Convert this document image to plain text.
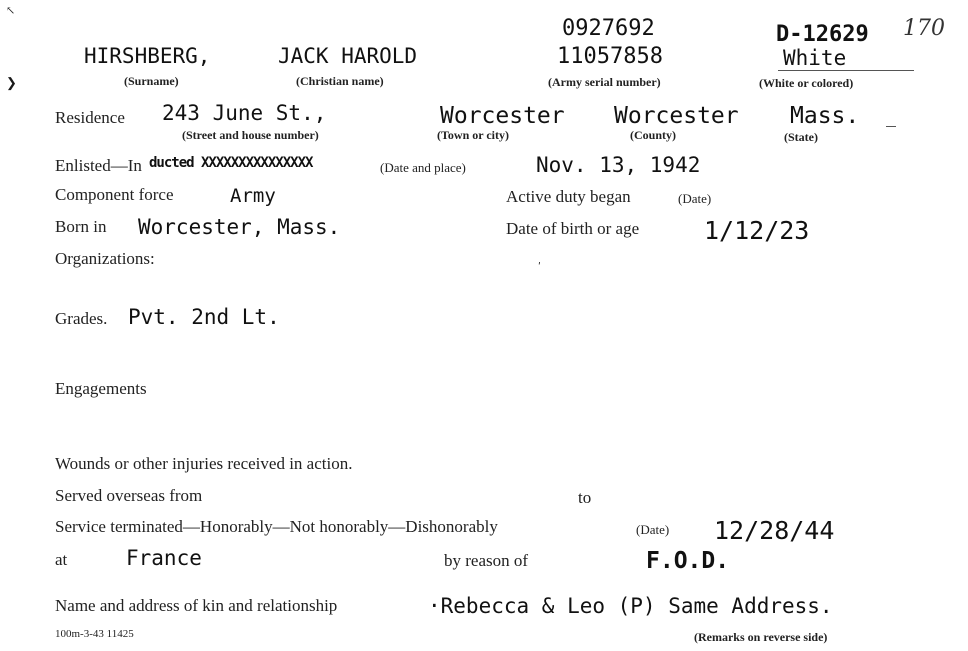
↖
❯
0927692	D-12629 170
HIRSHBERG,	JACK HAROLD	11057858	White
(Surname)	(Christian name)	(Army serial number)	(White or colored)
Residence 243 June St.,	Worcester Worcester Mass.
(Street and house number)	(Town or city)	(County)	(State)
Enlisted—In ducted XXXXXXXXXXXXXXX	(Date and place)	Nov. 13, 1942
Component force	Army	Active duty began	(Date)
Born in Worcester, Mass.	Date of birth or age	1/12/23
Organizations:	ʹ
Grades. Pvt. 2nd Lt.
Engagements
Wounds or other injuries received in action.
Served overseas from	to
Service terminated—Honorably—Not honorably—Dishonorably	(Date) 12/28/44
at	France	by reason of	F.O.D.
Name and address of kin and relationship	·Rebecca & Leo (P) Same Address.
100m-3-43 11425	(Remarks on reverse side)
